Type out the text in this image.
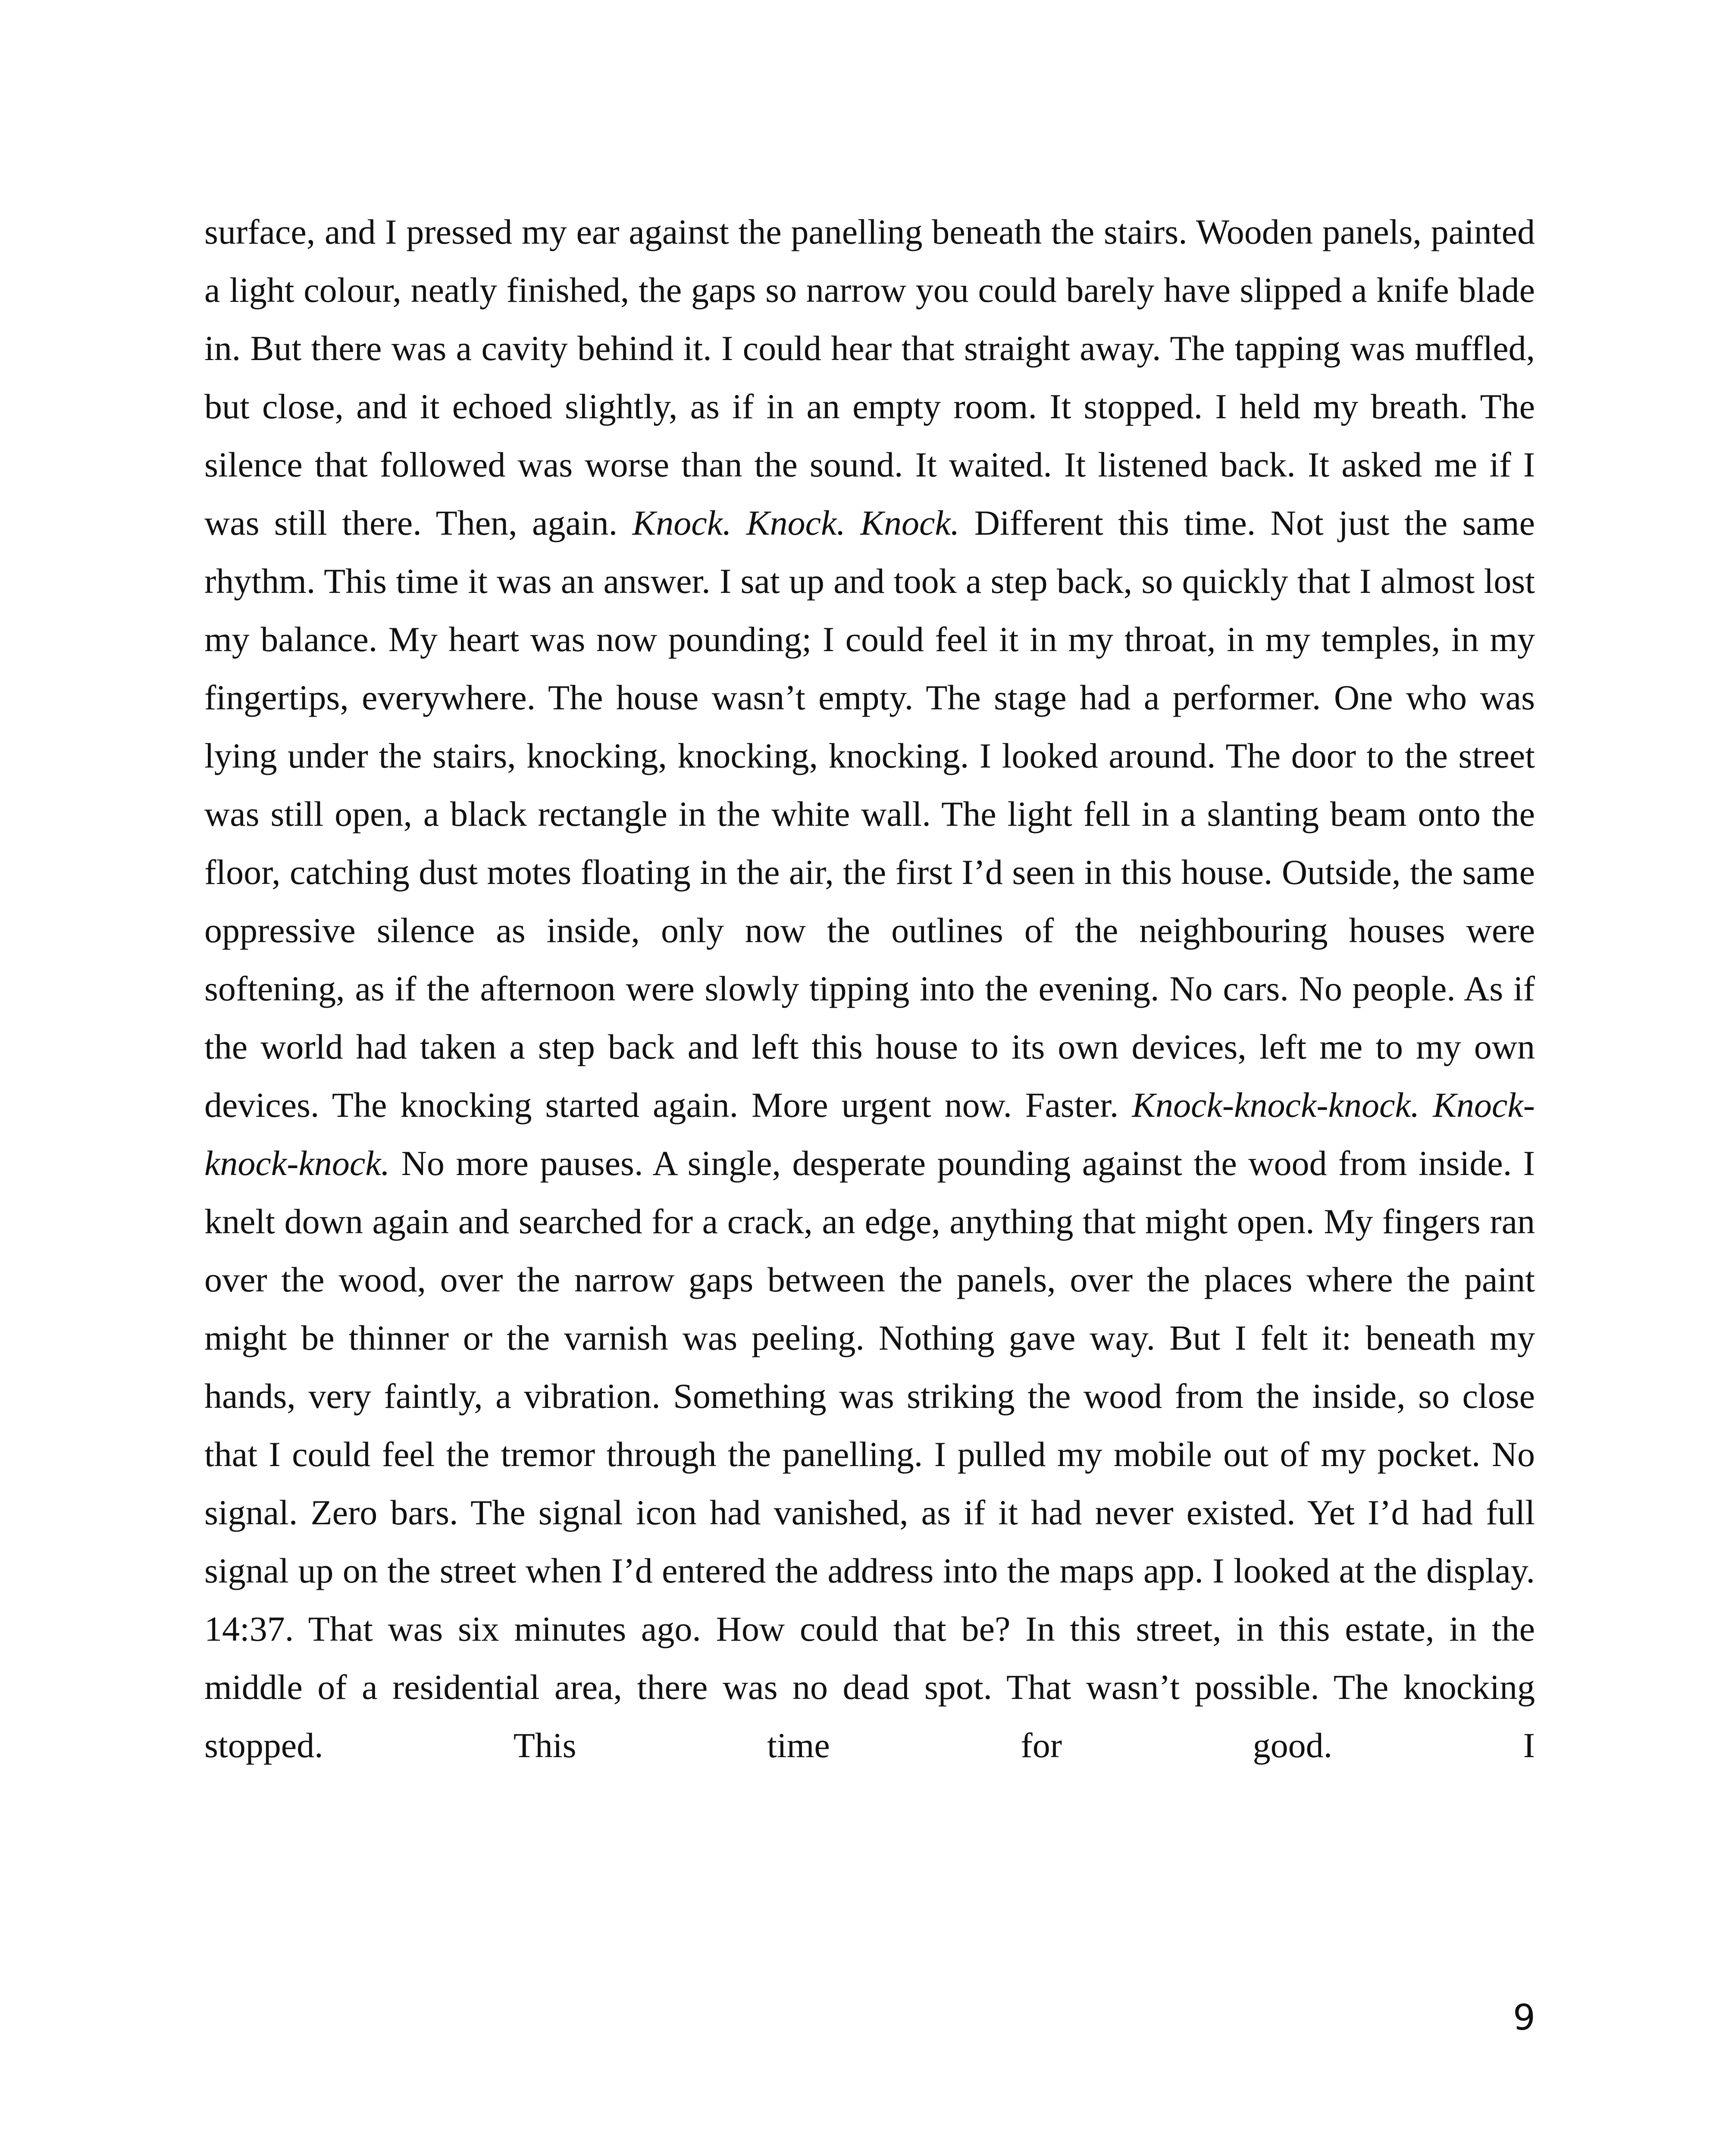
surface, and I pressed my ear against the panelling beneath the stairs. Wooden panels, painted a light colour, neatly finished, the gaps so narrow you could barely have slipped a knife blade in. But there was a cavity behind it. I could hear that straight away. The tapping was muffled, but close, and it echoed slightly, as if in an empty room. It stopped. I held my breath. The silence that followed was worse than the sound. It waited. It listened back. It asked me if I was still there. Then, again. Knock. Knock. Knock. Different this time. Not just the same rhythm. This time it was an answer. I sat up and took a step back, so quickly that I almost lost my balance. My heart was now pounding; I could feel it in my throat, in my temples, in my fingertips, everywhere. The house wasn’t empty. The stage had a performer. One who was lying under the stairs, knocking, knocking, knocking. I looked around. The door to the street was still open, a black rectangle in the white wall. The light fell in a slanting beam onto the floor, catching dust motes floating in the air, the first I’d seen in this house. Outside, the same oppressive silence as inside, only now the outlines of the neighbouring houses were softening, as if the afternoon were slowly tipping into the evening. No cars. No people. As if the world had taken a step back and left this house to its own devices, left me to my own devices. The knocking started again. More urgent now. Faster. Knock-knock-knock. Knock-knock-knock. No more pauses. A single, desperate pounding against the wood from inside. I knelt down again and searched for a crack, an edge, anything that might open. My fingers ran over the wood, over the narrow gaps between the panels, over the places where the paint might be thinner or the varnish was peeling. Nothing gave way. But I felt it: beneath my hands, very faintly, a vibration. Something was striking the wood from the inside, so close that I could feel the tremor through the panelling. I pulled my mobile out of my pocket. No signal. Zero bars. The signal icon had vanished, as if it had never existed. Yet I’d had full signal up on the street when I’d entered the address into the maps app. I looked at the display. 14:37. That was six minutes ago. How could that be? In this street, in this estate, in the middle of a residential area, there was no dead spot. That wasn’t possible. The knocking stopped. This time for good. I

9
